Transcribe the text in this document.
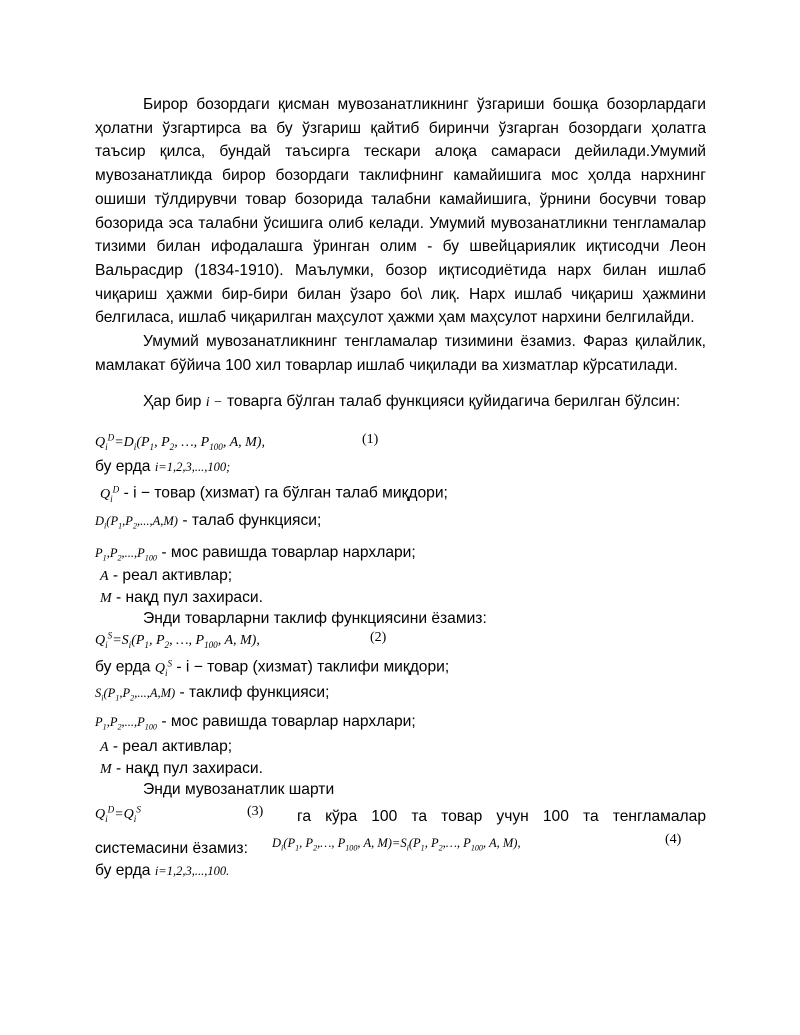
Бирор бозордаги қисман мувозанатликнинг ўзгариши бошқа бозорлардаги ҳолатни ўзгартирса ва бу ўзгариш қайтиб биринчи ўзгарган бозордаги ҳолатга таъсир қилса, бундай таъсирга тескари алоқа самараси дейилади.Умумий мувозанатликда бирор бозордаги таклифнинг камайишига мос ҳолда нархнинг ошиши тўлдирувчи товар бозорида талабни камайишига, ўрнини босувчи товар бозорида эса талабни ўсишига олиб келади. Умумий мувозанатликни тенгламалар тизими билан ифодалашга ўринган олим - бу швейцариялик иқтисодчи Леон Вальрасдир (1834-1910). Маълумки, бозор иқтисодиётида нарх билан ишлаб чиқариш ҳажми бир-бири билан ўзаро бо\ лиқ. Нарх ишлаб чиқариш ҳажмини белгиласа, ишлаб чиқарилган маҳсулот ҳажми ҳам маҳсулот нархини белгилайди.
Умумий мувозанатликнинг тенгламалар тизимини ёзамиз. Фараз қилайлик, мамлакат бўйича 100 хил товарлар ишлаб чиқилади ва хизматлар кўрсатилади.
Ҳар бир i − товарга бўлган талаб функцияси қуйидагича берилган бўлсин:
$Q_i^D=D_i(P_1$, $P_2$, …, $P_{100}$, A, M),	(1)
бу ерда i=1,2,3,...,100;
$Q_i^D$ - i − товар (хизмат) га бўлган талаб миқдори;
$D_i(P_1,P_2,...,A,M)$ - талаб функцияси;
$P_1,P_2,...,P_{100}$ - мос равишда товарлар нархлари;
A - реал активлар;
M - нақд пул захираси.
Энди товарларни таклиф функциясини ёзамиз:
$Q_i^S=S_i(P_1$, $P_2$, …, $P_{100}$, A, M),	(2)
бу ерда $Q_i^S$ - i − товар (хизмат) таклифи миқдори;
$S_i(P_1,P_2,...,A,M)$ - таклиф функцияси;
$P_1,P_2,...,P_{100}$ - мос равишда товарлар нархлари;
A - реал активлар;
M - нақд пул захираси.
Энди мувозанатлик шарти
$Q_i^D=Q_i^S$	(3) га кўра 100 та товар учун 100 та тенгламалар
$D_i(P_1$, $P_2,\dots$, $P_{100}$, A, $M)=S_i(P_1$, $P_2,\dots$, $P_{100}$, A, M),	(4)
системасини ёзамиз:
бу ерда i=1,2,3,...,100.
